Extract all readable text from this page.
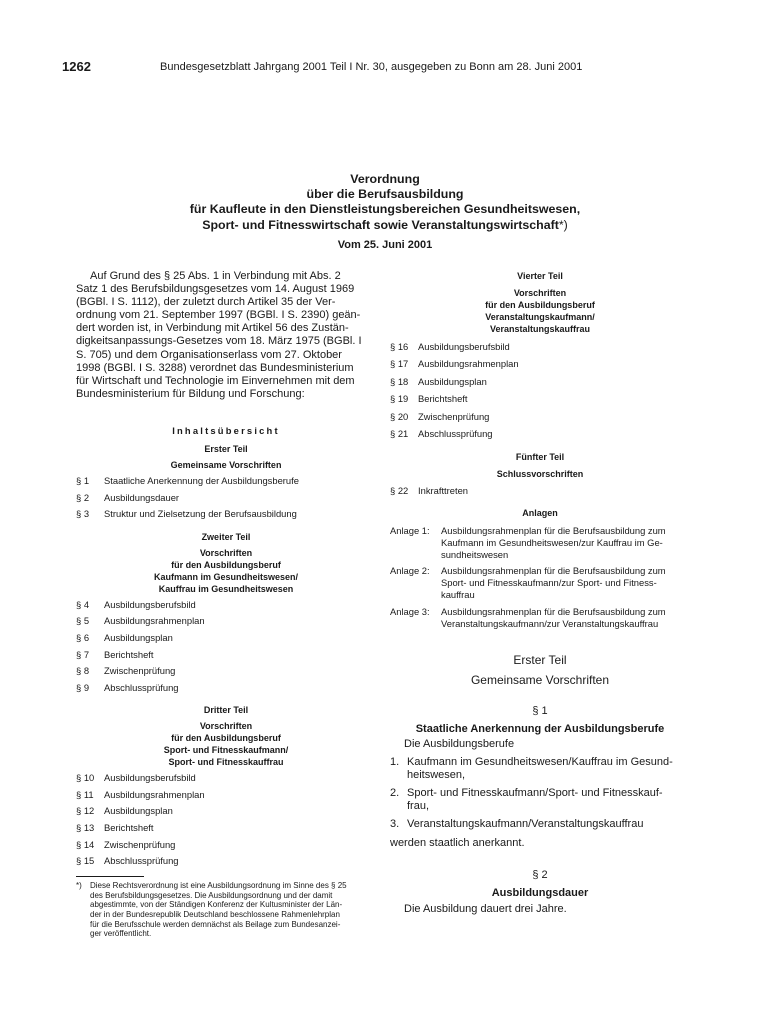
1262	Bundesgesetzblatt Jahrgang 2001 Teil I Nr. 30, ausgegeben zu Bonn am 28. Juni 2001
Verordnung
über die Berufsausbildung
für Kaufleute in den Dienstleistungsbereichen Gesundheitswesen,
Sport- und Fitnesswirtschaft sowie Veranstaltungswirtschaft*)
Vom 25. Juni 2001
Auf Grund des § 25 Abs. 1 in Verbindung mit Abs. 2
Satz 1 des Berufsbildungsgesetzes vom 14. August 1969
(BGBl. I S. 1112), der zuletzt durch Artikel 35 der Ver-
ordnung vom 21. September 1997 (BGBl. I S. 2390) geän-
dert worden ist, in Verbindung mit Artikel 56 des Zustän-
digkeitsanpassungs-Gesetzes vom 18. März 1975 (BGBl. I
S. 705) und dem Organisationserlass vom 27. Oktober
1998 (BGBl. I S. 3288) verordnet das Bundesministerium
für Wirtschaft und Technologie im Einvernehmen mit dem
Bundesministerium für Bildung und Forschung:
Inhaltsübersicht
Erster Teil
Gemeinsame Vorschriften
§ 1	Staatliche Anerkennung der Ausbildungsberufe
§ 2	Ausbildungsdauer
§ 3	Struktur und Zielsetzung der Berufsausbildung
Zweiter Teil
Vorschriften
für den Ausbildungsberuf
Kaufmann im Gesundheitswesen/
Kauffrau im Gesundheitswesen
§ 4	Ausbildungsberufsbild
§ 5	Ausbildungsrahmenplan
§ 6	Ausbildungsplan
§ 7	Berichtsheft
§ 8	Zwischenprüfung
§ 9	Abschlussprüfung
Dritter Teil
Vorschriften
für den Ausbildungsberuf
Sport- und Fitnesskaufmann/
Sport- und Fitnesskauffrau
§ 10	Ausbildungsberufsbild
§ 11	Ausbildungsrahmenplan
§ 12	Ausbildungsplan
§ 13	Berichtsheft
§ 14	Zwischenprüfung
§ 15	Abschlussprüfung
*)	Diese Rechtsverordnung ist eine Ausbildungsordnung im Sinne des § 25
des Berufsbildungsgesetzes. Die Ausbildungsordnung und der damit
abgestimmte, von der Ständigen Konferenz der Kultusminister der Län-
der in der Bundesrepublik Deutschland beschlossene Rahmenlehrplan
für die Berufsschule werden demnächst als Beilage zum Bundesanzei-
ger veröffentlicht.
Vierter Teil
Vorschriften
für den Ausbildungsberuf
Veranstaltungskaufmann/
Veranstaltungskauffrau
§ 16	Ausbildungsberufsbild
§ 17	Ausbildungsrahmenplan
§ 18	Ausbildungsplan
§ 19	Berichtsheft
§ 20	Zwischenprüfung
§ 21	Abschlussprüfung
Fünfter Teil
Schlussvorschriften
§ 22	Inkrafttreten
Anlagen
Anlage 1:	Ausbildungsrahmenplan für die Berufsausbildung zum
Kaufmann im Gesundheitswesen/zur Kauffrau im Ge-
sundheitswesen
Anlage 2:	Ausbildungsrahmenplan für die Berufsausbildung zum
Sport- und Fitnesskaufmann/zur Sport- und Fitness-
kauffrau
Anlage 3:	Ausbildungsrahmenplan für die Berufsausbildung zum
Veranstaltungskaufmann/zur Veranstaltungskauffrau
Erster Teil
Gemeinsame Vorschriften
§ 1
Staatliche Anerkennung der Ausbildungsberufe
Die Ausbildungsberufe
1. Kaufmann im Gesundheitswesen/Kauffrau im Gesund-
heitswesen,
2. Sport- und Fitnesskaufmann/Sport- und Fitnesskauf-
frau,
3. Veranstaltungskaufmann/Veranstaltungskauffrau
werden staatlich anerkannt.
§ 2
Ausbildungsdauer
Die Ausbildung dauert drei Jahre.
